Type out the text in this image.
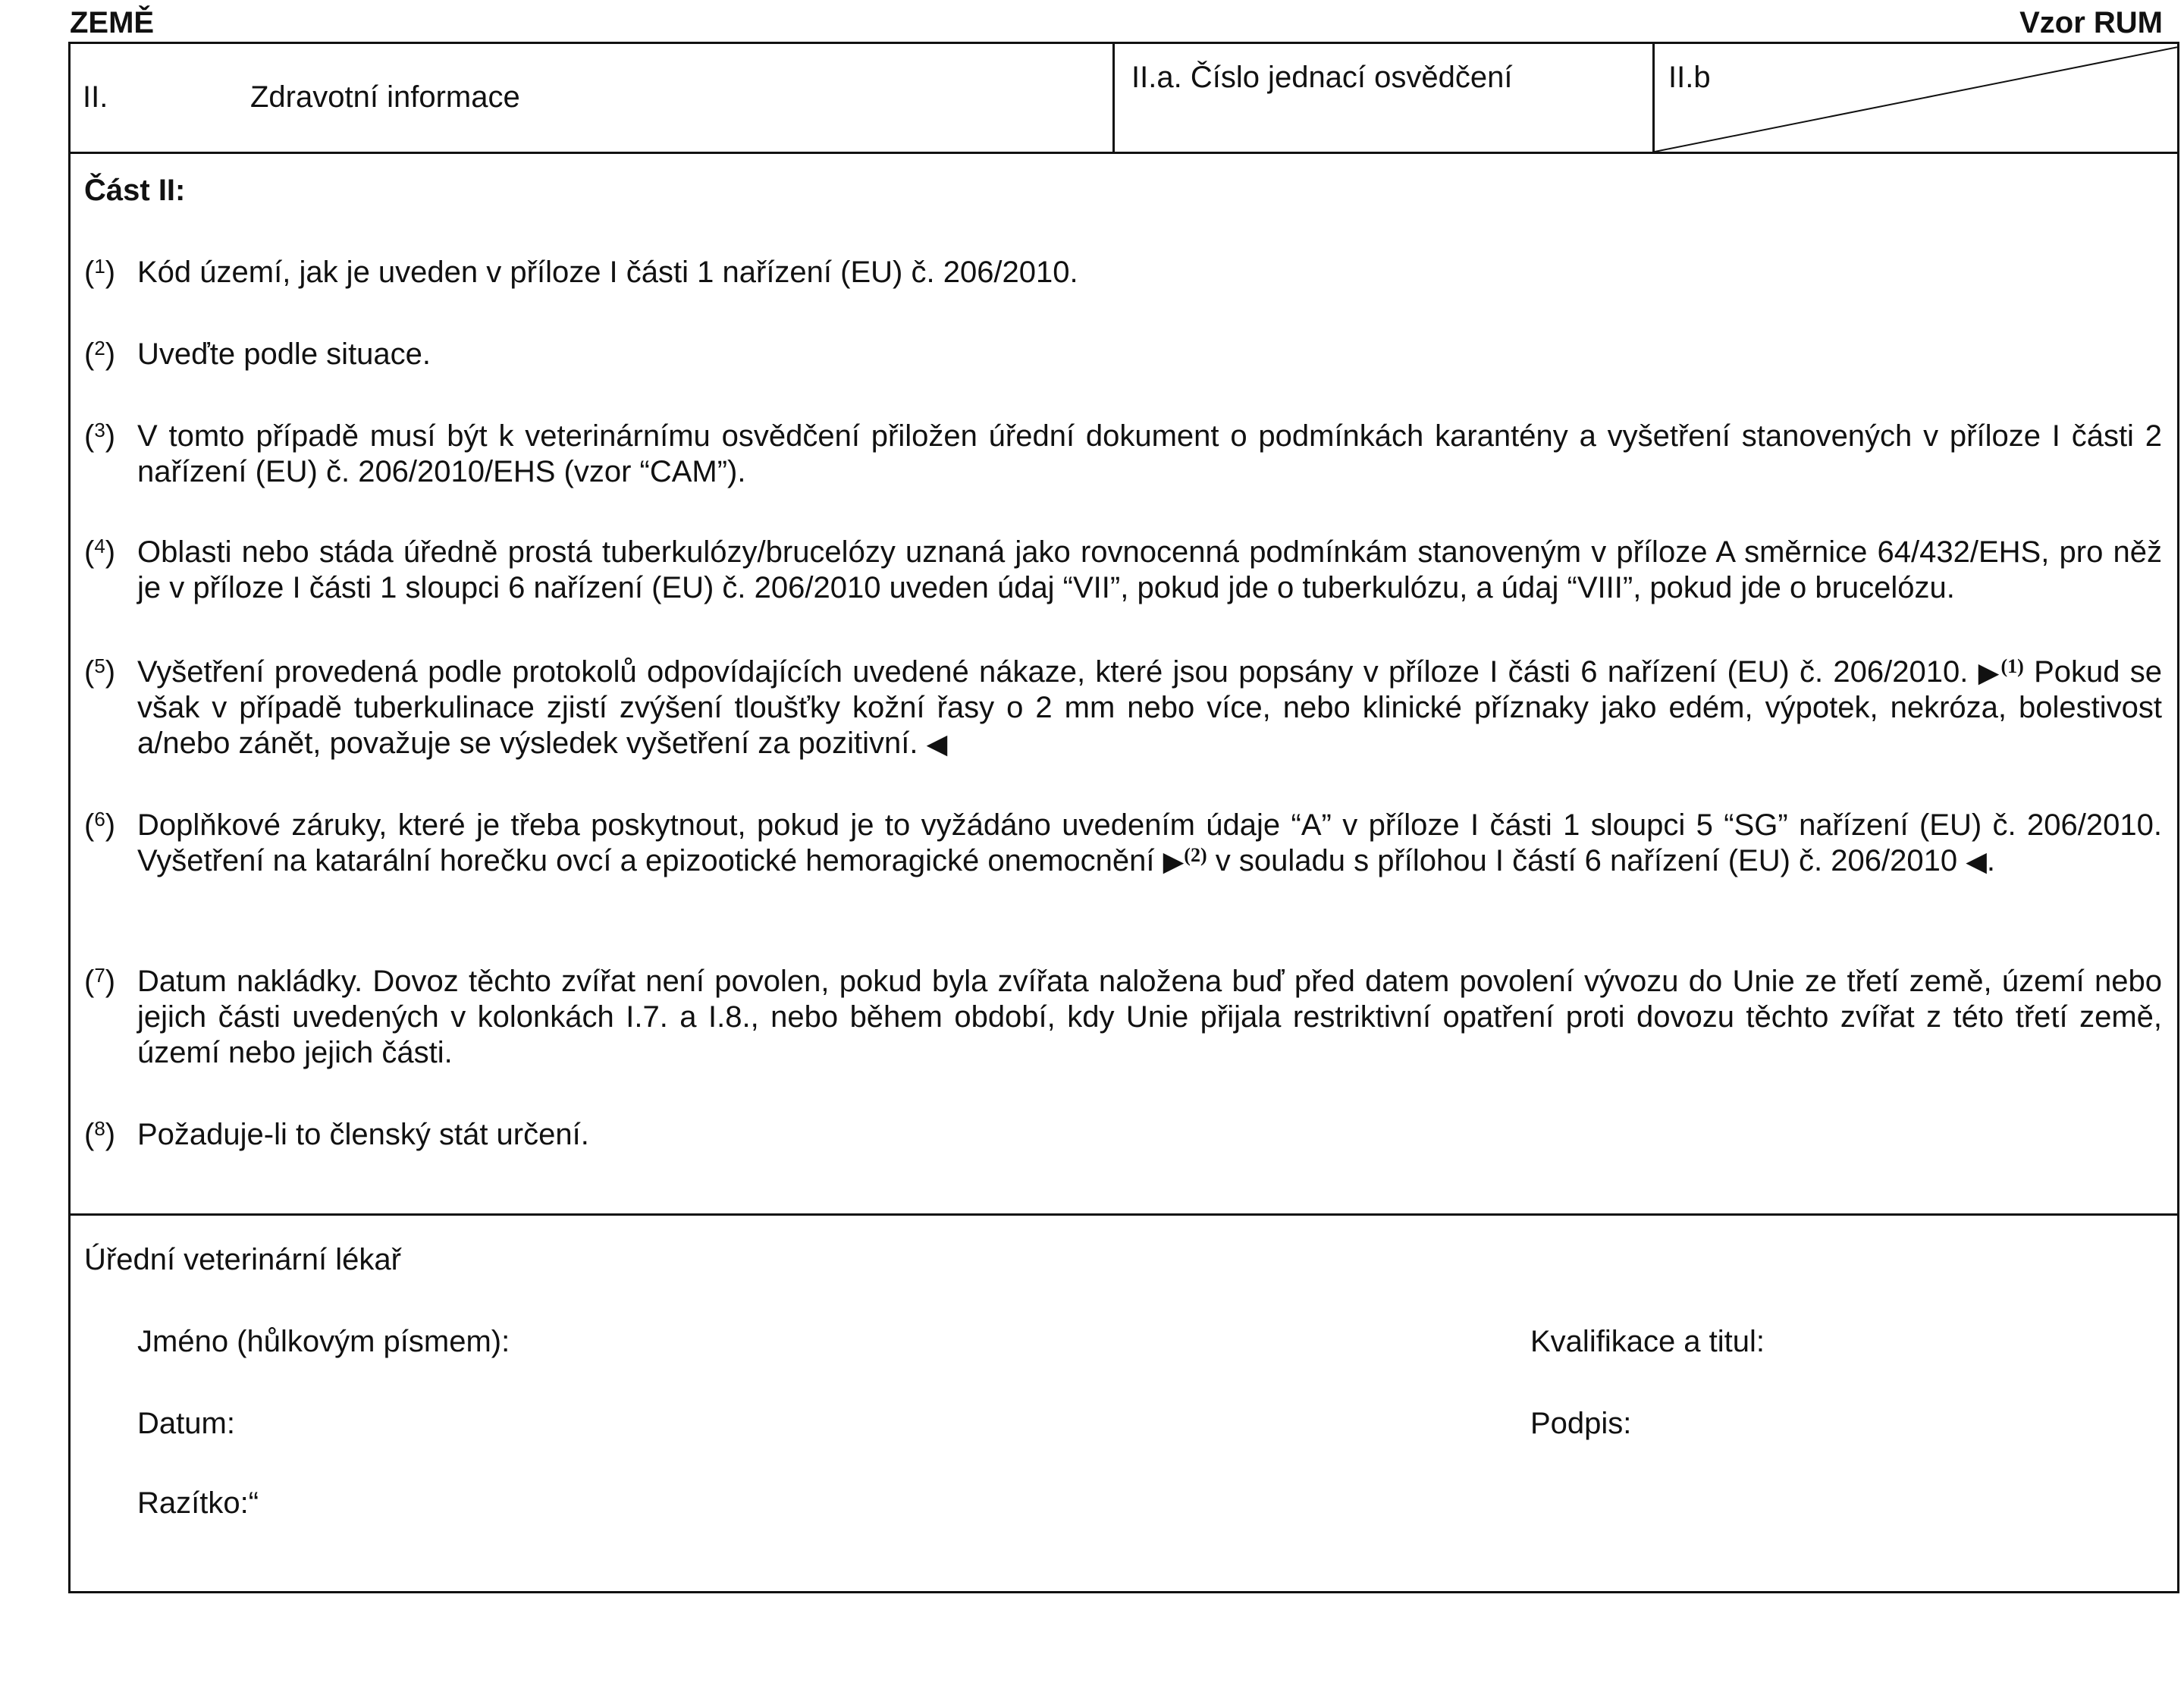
ZEMĚ	Vzor RUM
II.	Zdravotní informace
II.a. Číslo jednací osvědčení	II.b
Část II:
($^1$) Kód území, jak je uveden v příloze I části 1 nařízení (EU) č. 206/2010.
($^2$) Uveďte podle situace.
($^3$) V tomto případě musí být k veterinárnímu osvědčení přiložen úřední dokument o podmínkách karantény a vyšetření stanovených v příloze I části 2 nařízení (EU) č. 206/2010/EHS (vzor “CAM”).
($^4$) Oblasti nebo stáda úředně prostá tuberkulózy/brucelózy uznaná jako rovnocenná podmínkám stanoveným v příloze A směrnice 64/432/EHS, pro něž je v příloze I části 1 sloupci 6 nařízení (EU) č. 206/2010 uveden údaj “VII”, pokud jde o tuberkulózu, a údaj “VIII”, pokud jde o brucelózu.
($^5$) Vyšetření provedená podle protokolů odpovídajících uvedené nákaze, které jsou popsány v příloze I části 6 nařízení (EU) č. 206/2010. ▶$^{(1)}$ Pokud se však v případě tuberkulinace zjistí zvýšení tloušťky kožní řasy o 2 mm nebo více, nebo klinické příznaky jako edém, výpotek, nekróza, bolestivost a/nebo zánět, považuje se výsledek vyšetření za pozitivní. ◀
($^6$) Doplňkové záruky, které je třeba poskytnout, pokud je to vyžádáno uvedením údaje “A” v příloze I části 1 sloupci 5 “SG” nařízení (EU) č. 206/2010. Vyšetření na katarální horečku ovcí a epizootické hemoragické onemocnění ▶$^{(2)}$ v souladu s přílohou I částí 6 nařízení (EU) č. 206/2010 ◀.
($^7$) Datum nakládky. Dovoz těchto zvířat není povolen, pokud byla zvířata naložena buď před datem povolení vývozu do Unie ze třetí země, území nebo jejich části uvedených v kolonkách I.7. a I.8., nebo během období, kdy Unie přijala restriktivní opatření proti dovozu těchto zvířat z této třetí země, území nebo jejich části.
($^8$) Požaduje-li to členský stát určení.
Úřední veterinární lékař
Jméno (hůlkovým písmem):	Kvalifikace a titul:
Datum:	Podpis:
Razítko:“
